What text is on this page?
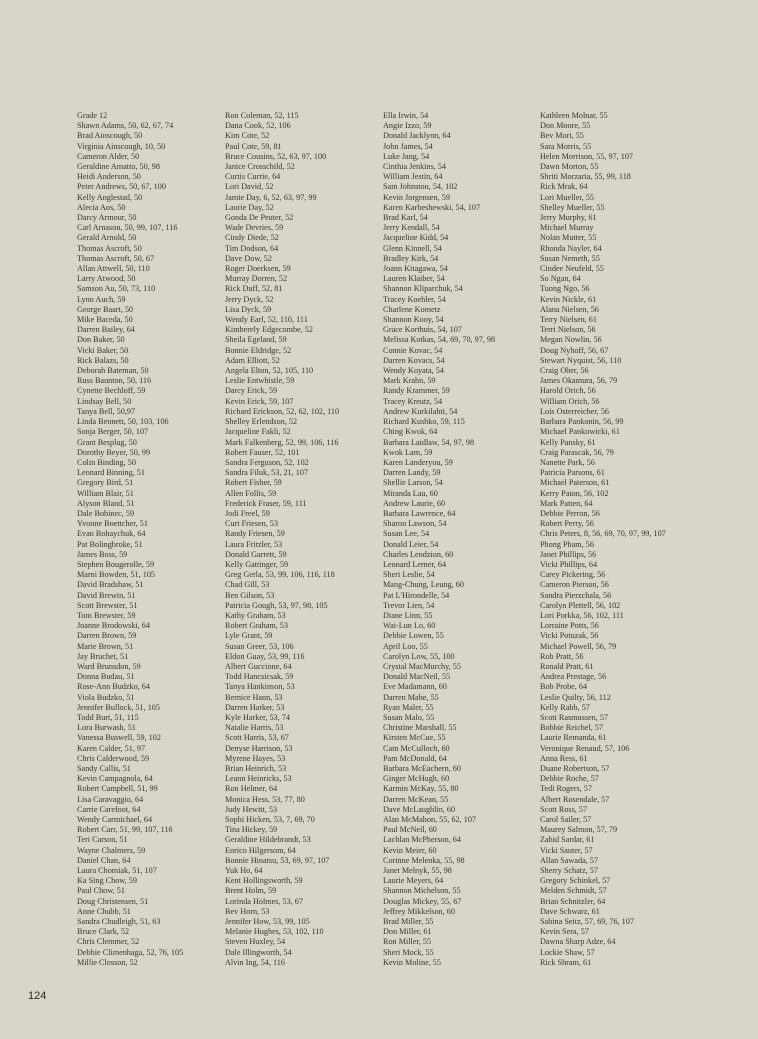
Grade 12
Shawn Adams, 50, 62, 67, 74
Brad Ainscough, 50
Virginia Ainscough, 10, 50
Cameron Alder, 50
Geraldine Amatto, 50, 98
Heidi Anderson, 50
Peter Andrews, 50, 67, 100
Kelly Anglestad, 50
Alecia Aos, 50
Darcy Armour, 50
Carl Arnason, 50, 99, 107, 116
Gerald Arnold, 50
Thomas Ascroft, 50
Thomas Ascroft, 50, 67
Allan Attwell, 50, 110
Larry Atwood, 50
Samson Au, 50, 73, 110
Lynn Auch, 59
George Baart, 50
Mike Baceda, 50
Darren Bailey, 64
Don Baker, 50
Vicki Baker, 50
Rick Balazs, 50
Deborah Bateman, 50
Russ Baunton, 50, 116
Cynette Bechloff, 59
Lindsay Bell, 50
Tanya Bell, 50,97
Linda Bennett, 50, 103, 106
Sonja Berger, 50, 107
Grant Besplug, 50
Dorothy Beyer, 50, 99
Colin Binding, 50
Leonard Binning, 51
Gregory Bird, 51
William Blair, 51
Alyson Bland, 51
Dale Bobinec, 59
Yvonne Boettcher, 51
Evan Bohaychuk, 64
Pat Bolingbroke, 51
James Boss, 59
Stephen Bougerolle, 59
Marni Bowden, 51, 105
David Bradshaw, 51
David Brewin, 51
Scott Brewster, 51
Tom Brewster, 59
Joanne Brodowski, 64
Darren Brown, 59
Marie Brown, 51
Jay Bruchet, 51
Ward Brunsdon, 59
Donna Budau, 51
Rose-Ann Budzko, 64
Viola Budzko, 51
Jennifer Bullock, 51, 105
Todd Burt, 51, 115
Lora Burwash, 51
Vanessa Buswell, 59, 102
Karen Calder, 51, 97
Chris Calderwood, 59
Sandy Callis, 51
Kevin Campagnola, 64
Robert Campbell, 51, 99
Lisa Caravaggio, 64
Carrie Carefoot, 64
Wendy Carmichael, 64
Robert Carr, 51, 99, 107, 116
Teri Carson, 51
Wayne Chalmers, 59
Daniel Chan, 64
Laura Chomiak, 51, 107
Ka Sing Chow, 59
Paul Chow, 51
Doug Christensen, 51
Anne Chubb, 51
Sandra Chudleigh, 51, 63
Bruce Clark, 52
Chris Clemmer, 52
Debbie Climenhaga, 52, 76, 105
Millie Closson, 52
Ron Coleman, 52, 115
Dana Cook, 52, 106
Kim Cote, 52
Paul Cote, 59, 81
Bruce Cousins, 52, 63, 97, 100
Janice Crosschild, 52
Curtis Currie, 64
Lori David, 52
Jamie Day, 6, 52, 63, 97, 99
Laurie Day, 52
Gonda De Peuter, 52
Wade Devries, 59
Cindy Diede, 52
Tim Dodson, 64
Dave Dow, 52
Roger Doerksen, 59
Murray Dorren, 52
Rick Duff, 52, 81
Jerry Dyck, 52
Lisa Dyck, 59
Wendy Earl, 52, 110, 111
Kimberely Edgecombe, 52
Sheila Egeland, 59
Bonnie Eldridge, 52
Adam Elliott, 52
Angela Elton, 52, 105, 110
Leslie Entwhistle, 59
Darcy Erick, 59
Kevin Erick, 59, 107
Richard Erickson, 52, 62, 102, 110
Shelley Erlendson, 52
Jacqueline Fakli, 52
Mark Falkenberg, 52, 99, 106, 116
Robert Fauser, 52, 101
Sandra Ferguson, 52, 102
Sandra Filuk, 53, 21, 107
Robert Fisher, 59
Allen Follis, 59
Frederick Fraser, 59, 111
Jodi Freel, 59
Curt Friesen, 53
Randy Friesen, 59
Laura Fritzler, 53
Donald Garrett, 59
Kelly Gattinger, 59
Greg Gerla, 53, 99, 106, 116, 118
Chad Gill, 53
Ben Gilson, 53
Patricia Gough, 53, 97, 98, 105
Kathy Graham, 53
Robert Graham, 53
Lyle Grant, 59
Susan Greer, 53, 106
Eldon Guay, 53, 99, 116
Albert Guccione, 64
Todd Hancsicsak, 59
Tanya Hankinson, 53
Bernice Hann, 53
Darren Harker, 53
Kyle Harker, 53, 74
Natalie Harris, 53
Scott Harris, 53, 67
Denyse Harrison, 53
Myrene Hayes, 53
Brian Heinrich, 53
Leann Heinricks, 53
Ron Helmer, 64
Monica Hess, 53, 77, 80
Judy Hewitt, 53
Sophi Hicken, 53, 7, 69, 70
Tina Hickey, 59
Geraldine Hildebrandt, 53
Enrico Hilgersom, 64
Bonnie Hinatsu, 53, 69, 97, 107
Yuk Ho, 64
Kent Hollingsworth, 59
Brent Holm, 59
Lorinda Holmes, 53, 67
Bev Horn, 53
Jennifer How, 53, 99, 105
Melanie Hughes, 53, 102, 110
Steven Huxley, 54
Dale Illingworth, 54
Alvin Ing, 54, 116
Ella Irwin, 54
Angie Izzo, 59
Donald Jacklynn, 64
John James, 54
Luke Jang, 54
Cinthia Jenkins, 54
William Jestin, 64
Sam Johnston, 54, 102
Kevin Jorgensen, 59
Karen Karbeshewski, 54, 107
Brad Karl, 54
Jerry Kendall, 54
Jacqueline Kidd, 54
Glenn Kinnell, 54
Bradley Kirk, 54
Joann Kitagawa, 54
Lauren Klaiber, 54
Shannon Kliparchuk, 54
Tracey Koehler, 54
Charlene Kometz
Shannon Kooy, 54
Grace Korthuis, 54, 107
Melissa Kotkas, 54, 69, 70, 97, 98
Connie Kovac, 54
Darren Kovacs, 54
Wendy Koyata, 54
Mark Krahn, 59
Randy Krammer, 59
Tracey Kreutz, 54
Andrew Kurkilahti, 54
Richard Kushko, 59, 115
Ching Kwok, 64
Barbara Laidlaw, 54, 97, 98
Kwok Lam, 59
Karen Landeryou, 59
Darren Landy, 59
Shellie Larson, 54
Miranda Lau, 60
Andrew Laurie, 60
Barbara Lawrence, 64
Sharon Lawson, 54
Susan Lee, 54
Donald Leier, 54
Charles Lendzion, 60
Leonard Lerner, 64
Sheri Leslie, 54
Mang-Chung, Leung, 60
Pat L'Hirondelle, 54
Trevor Lien, 54
Diane Linn, 55
Wai-Lun Lo, 60
Debbie Lowen, 55
April Loo, 55
Carolyn Low, 55, 100
Crystal MacMurchy, 55
Donald MacNeil, 55
Eve Madamann, 60
Darren Mahe, 55
Ryan Maler, 55
Susan Malo, 55
Christine Marshall, 55
Kirsten McCue, 55
Cam McCulloch, 60
Pam McDonald, 64
Barbara McEachern, 60
Ginger McHugh, 60
Karmin McKay, 55, 80
Darren McKean, 55
Dave McLaughlin, 60
Alan McMahon, 55, 62, 107
Paul McNeil, 60
Lachlan McPherson, 64
Kevin Meier, 60
Corinne Melenka, 55, 98
Janet Melnyk, 55, 98
Laurie Meyers, 64
Shannon Michelson, 55
Douglas Mickey, 55, 67
Jeffrey Mikkelson, 60
Brad Miller, 55
Don Miller, 61
Ron Miller, 55
Sheri Mock, 55
Kevin Moline, 55
Kathleen Molnar, 55
Don Moore, 55
Bev Mori, 55
Sara Morris, 55
Helen Morrison, 55, 97, 107
Dawn Morton, 55
Shriti Morzaria, 55, 99, 118
Rick Mrak, 64
Lori Mueller, 55
Shelley Mueller, 55
Jerry Murphy, 61
Michael Murray
Nolan Mutter, 55
Rhonda Nayler, 64
Susan Nemeth, 55
Cindee Neufeld, 55
So Ngan, 64
Tuong Ngo, 56
Kevin Nickle, 61
Alana Nielsen, 56
Terry Nielsen, 61
Terri Nielson, 56
Megan Nowlin, 56
Doug Nyhoff, 56, 67
Stewart Nyquist, 56, 110
Craig Ober, 56
James Okamura, 56, 79
Harold Orich, 56
William Orich, 56
Lois Osterreicher, 56
Barbara Pankonin, 56, 99
Michael Pankowicki, 61
Kelly Pansky, 61
Craig Parascak, 56, 79
Nanette Park, 56
Patricia Parsons, 61
Michael Paterson, 61
Kerry Paton, 56, 102
Mark Patten, 64
Debbie Perron, 56
Robert Perry, 56
Chris Peters, 8, 56, 69, 70, 97, 99, 107
Phong Pham, 56
Janet Phillips, 56
Vicki Phillips, 64
Carey Pickering, 56
Cameron Pierson, 56
Sandra Pierzchala, 56
Carolyn Plettell, 56, 102
Lori Porkka, 56, 102, 111
Lorraine Potts, 56
Vicki Potuzak, 56
Michael Powell, 56, 79
Rob Pratt, 56
Ronald Pratt, 61
Andrea Prestage, 56
Bob Probe, 64
Leslie Quilty, 56, 112
Kelly Rabb, 57
Scott Rasmussen, 57
Bobbie Reichel, 57
Laurie Remanda, 61
Veronique Renaud, 57, 106
Anna Ress, 61
Duane Robertson, 57
Debbie Roche, 57
Tedi Rogers, 57
Albert Rosendale, 57
Scott Ross, 57
Carol Sailer, 57
Maurey Salmon, 57, 79
Zahid Sardar, 61
Vicki Sauter, 57
Allan Sawada, 57
Sherry Schatz, 57
Gregory Schinkel, 57
Melden Schmidt, 57
Brian Schnitzler, 64
Dave Schwarz, 61
Sabina Seitz, 57, 69, 76, 107
Kevin Sera, 57
Dawna Sharp Adze, 64
Lockie Shaw, 57
Rick Shram, 61
124
